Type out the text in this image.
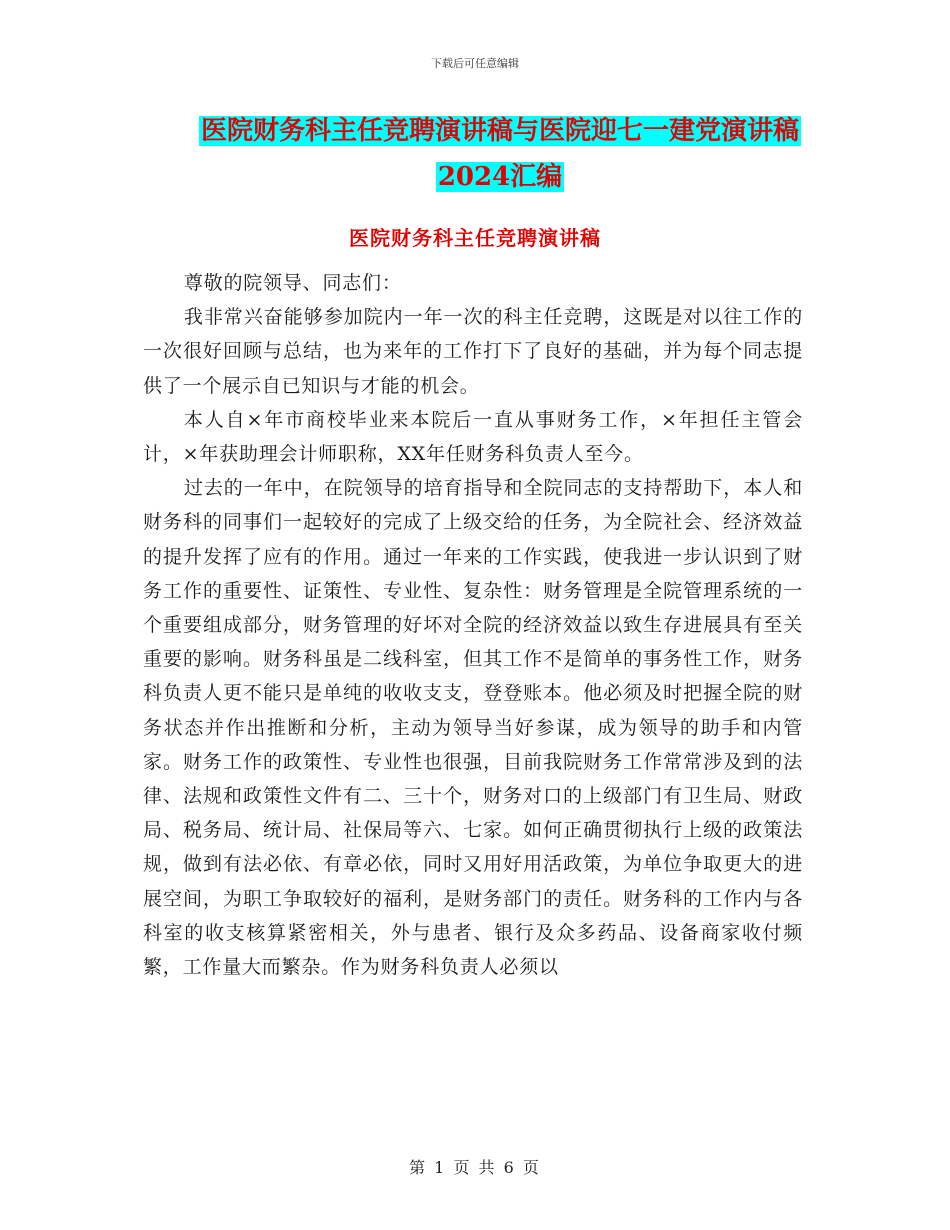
下载后可任意编辑
医院财务科主任竞聘演讲稿与医院迎七一建党演讲稿
2024汇编
医院财务科主任竞聘演讲稿

尊敬的院领导、同志们：

我非常兴奋能够参加院内一年一次的科主任竞聘，这既是对以往工作的一次很好回顾与总结，也为来年的工作打下了良好的基础，并为每个同志提供了一个展示自已知识与才能的机会。

本人自×年市商校毕业来本院后一直从事财务工作，×年担任主管会计，×年获助理会计师职称，XX年任财务科负责人至今。

过去的一年中，在院领导的培育指导和全院同志的支持帮助下，本人和财务科的同事们一起较好的完成了上级交给的任务，为全院社会、经济效益的提升发挥了应有的作用。通过一年来的工作实践，使我进一步认识到了财务工作的重要性、证策性、专业性、复杂性：财务管理是全院管理系统的一个重要组成部分，财务管理的好坏对全院的经济效益以致生存进展具有至关重要的影响。财务科虽是二线科室，但其工作不是简单的事务性工作，财务科负责人更不能只是单纯的收收支支，登登账本。他必须及时把握全院的财务状态并作出推断和分析，主动为领导当好参谋，成为领导的助手和内管家。财务工作的政策性、专业性也很强，目前我院财务工作常常涉及到的法律、法规和政策性文件有二、三十个，财务对口的上级部门有卫生局、财政局、税务局、统计局、社保局等六、七家。如何正确贯彻执行上级的政策法规，做到有法必依、有章必依，同时又用好用活政策，为单位争取更大的进展空间，为职工争取较好的福利，是财务部门的责任。财务科的工作内与各科室的收支核算紧密相关，外与患者、银行及众多药品、设备商家收付频繁，工作量大而繁杂。作为财务科负责人必须以

第 1 页 共 6 页
